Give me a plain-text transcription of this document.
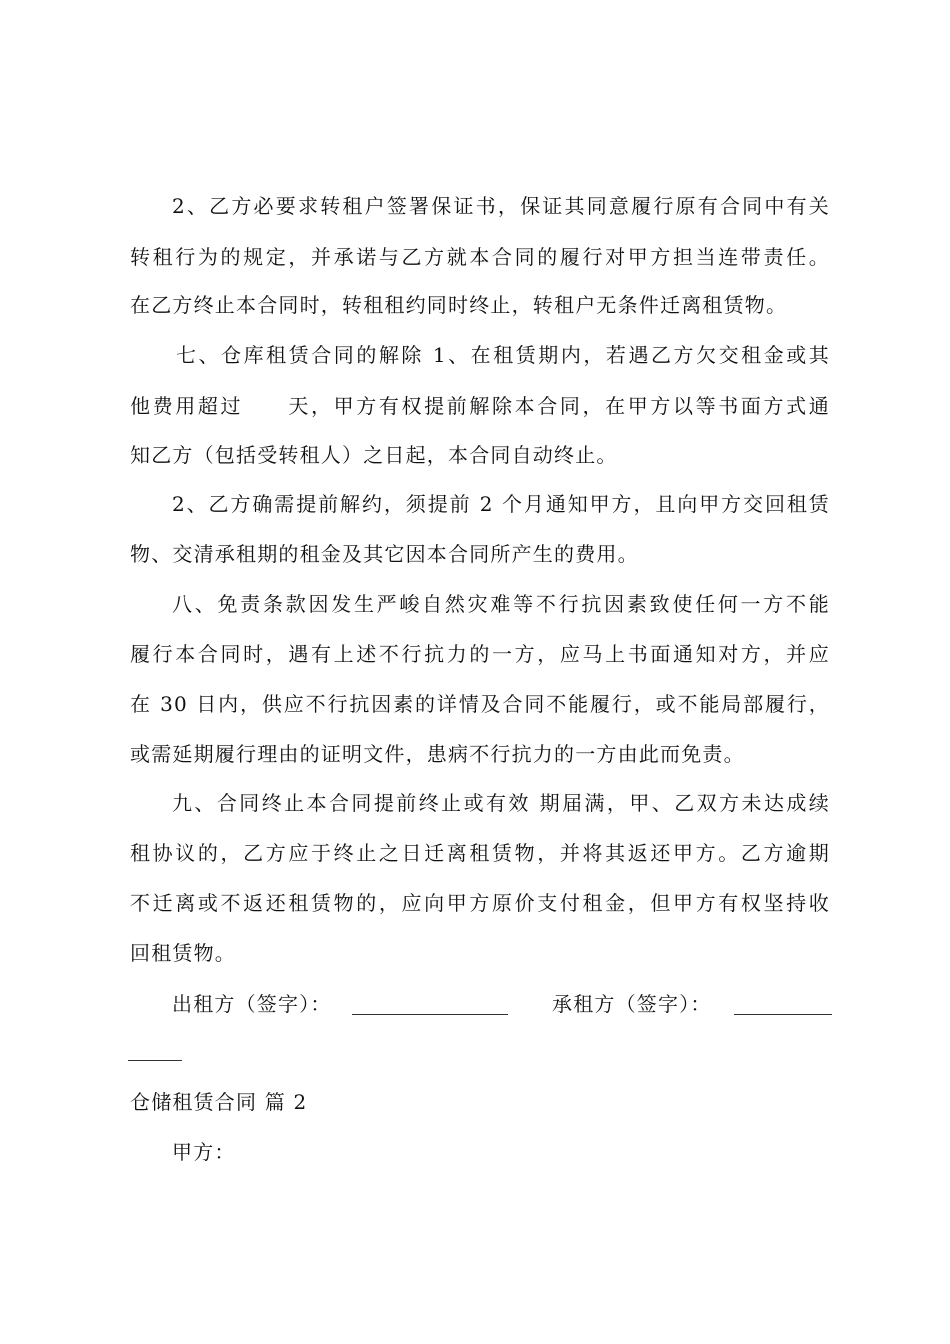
2、乙方必要求转租户签署保证书，保证其同意履行原有合同中有关
转租行为的规定，并承诺与乙方就本合同的履行对甲方担当连带责任。
在乙方终止本合同时，转租租约同时终止，转租户无条件迁离租赁物。
七、仓库租赁合同的解除 1、在租赁期内，若遇乙方欠交租金或其
他费用超过　　天，甲方有权提前解除本合同，在甲方以等书面方式通
知乙方（包括受转租人）之日起，本合同自动终止。
2、乙方确需提前解约，须提前 2 个月通知甲方，且向甲方交回租赁
物、交清承租期的租金及其它因本合同所产生的费用。
八、免责条款因发生严峻自然灾难等不行抗因素致使任何一方不能
履行本合同时，遇有上述不行抗力的一方，应马上书面通知对方，并应
在 30 日内，供应不行抗因素的详情及合同不能履行，或不能局部履行，
或需延期履行理由的证明文件，患病不行抗力的一方由此而免责。
九、合同终止本合同提前终止或有效 期届满，甲、乙双方未达成续
租协议的，乙方应于终止之日迁离租赁物，并将其返还甲方。乙方逾期
不迁离或不返还租赁物的，应向甲方原价支付租金，但甲方有权坚持收
回租赁物。
出租方（签字）：	承租方（签字）：
仓储租赁合同 篇 2
甲方：
